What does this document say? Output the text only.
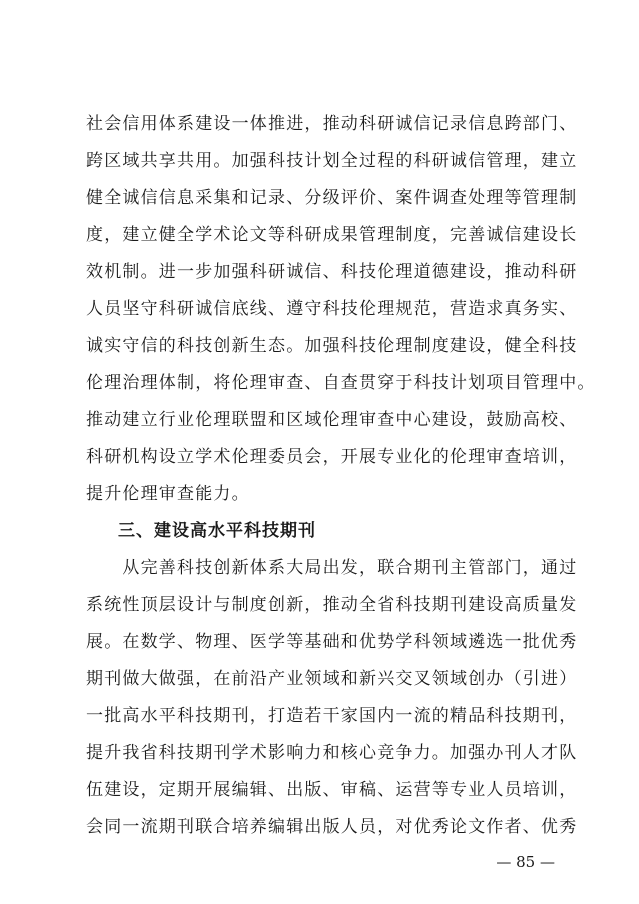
社会信用体系建设一体推进，推动科研诚信记录信息跨部门、
跨区域共享共用。加强科技计划全过程的科研诚信管理，建立
健全诚信信息采集和记录、分级评价、案件调查处理等管理制
度，建立健全学术论文等科研成果管理制度，完善诚信建设长
效机制。进一步加强科研诚信、科技伦理道德建设，推动科研
人员坚守科研诚信底线、遵守科技伦理规范，营造求真务实、
诚实守信的科技创新生态。加强科技伦理制度建设，健全科技
伦理治理体制，将伦理审查、自查贯穿于科技计划项目管理中。
推动建立行业伦理联盟和区域伦理审查中心建设，鼓励高校、
科研机构设立学术伦理委员会，开展专业化的伦理审查培训，
提升伦理审查能力。
三、建设高水平科技期刊
　　从完善科技创新体系大局出发，联合期刊主管部门，通过
系统性顶层设计与制度创新，推动全省科技期刊建设高质量发
展。在数学、物理、医学等基础和优势学科领域遴选一批优秀
期刊做大做强，在前沿产业领域和新兴交叉领域创办（引进）
一批高水平科技期刊，打造若干家国内一流的精品科技期刊，
提升我省科技期刊学术影响力和核心竞争力。加强办刊人才队
伍建设，定期开展编辑、出版、审稿、运营等专业人员培训，
会同一流期刊联合培养编辑出版人员，对优秀论文作者、优秀
— 85 —
